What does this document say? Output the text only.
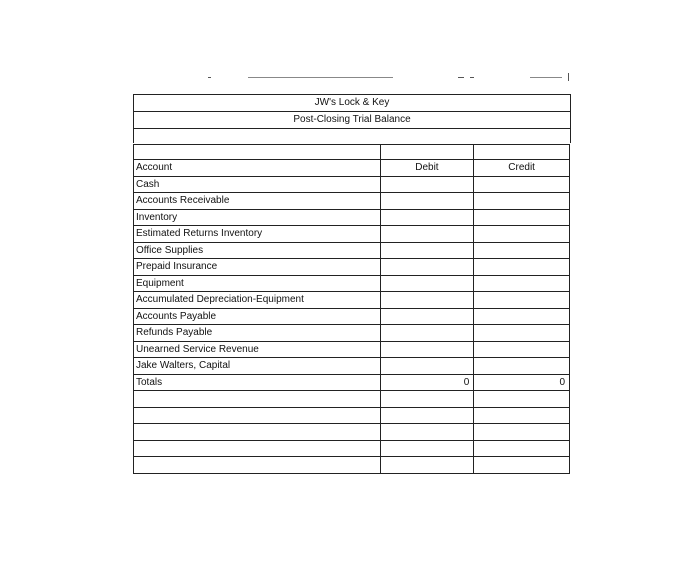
JW's Lock & Key
Post-Closing Trial Balance

Account	Debit	Credit
Cash		
Accounts Receivable		
Inventory		
Estimated Returns Inventory		
Office Supplies		
Prepaid Insurance		
Equipment		
Accumulated Depreciation-Equipment		
Accounts Payable		
Refunds Payable		
Unearned Service Revenue		
Jake Walters, Capital		
Totals	0	0
